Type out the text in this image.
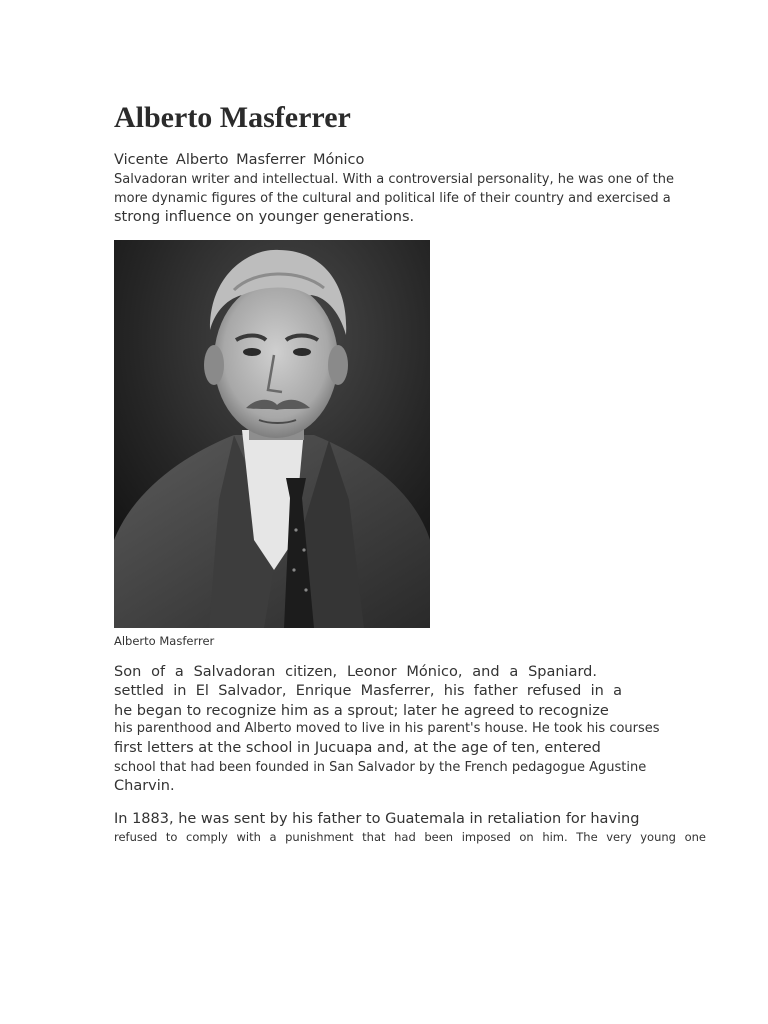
Alberto Masferrer
Vicente Alberto Masferrer Mónico
Salvadoran writer and intellectual. With a controversial personality, he was one of the
more dynamic figures of the cultural and political life of their country and exercised a
strong influence on younger generations.
Alberto Masferrer
Son of a Salvadoran citizen, Leonor Mónico, and a Spaniard.
settled in El Salvador, Enrique Masferrer, his father refused in a
he began to recognize him as a sprout; later he agreed to recognize
his parenthood and Alberto moved to live in his parent's house. He took his courses
first letters at the school in Jucuapa and, at the age of ten, entered
school that had been founded in San Salvador by the French pedagogue Agustine
Charvin.
In 1883, he was sent by his father to Guatemala in retaliation for having
refused to comply with a punishment that had been imposed on him. The very young one
